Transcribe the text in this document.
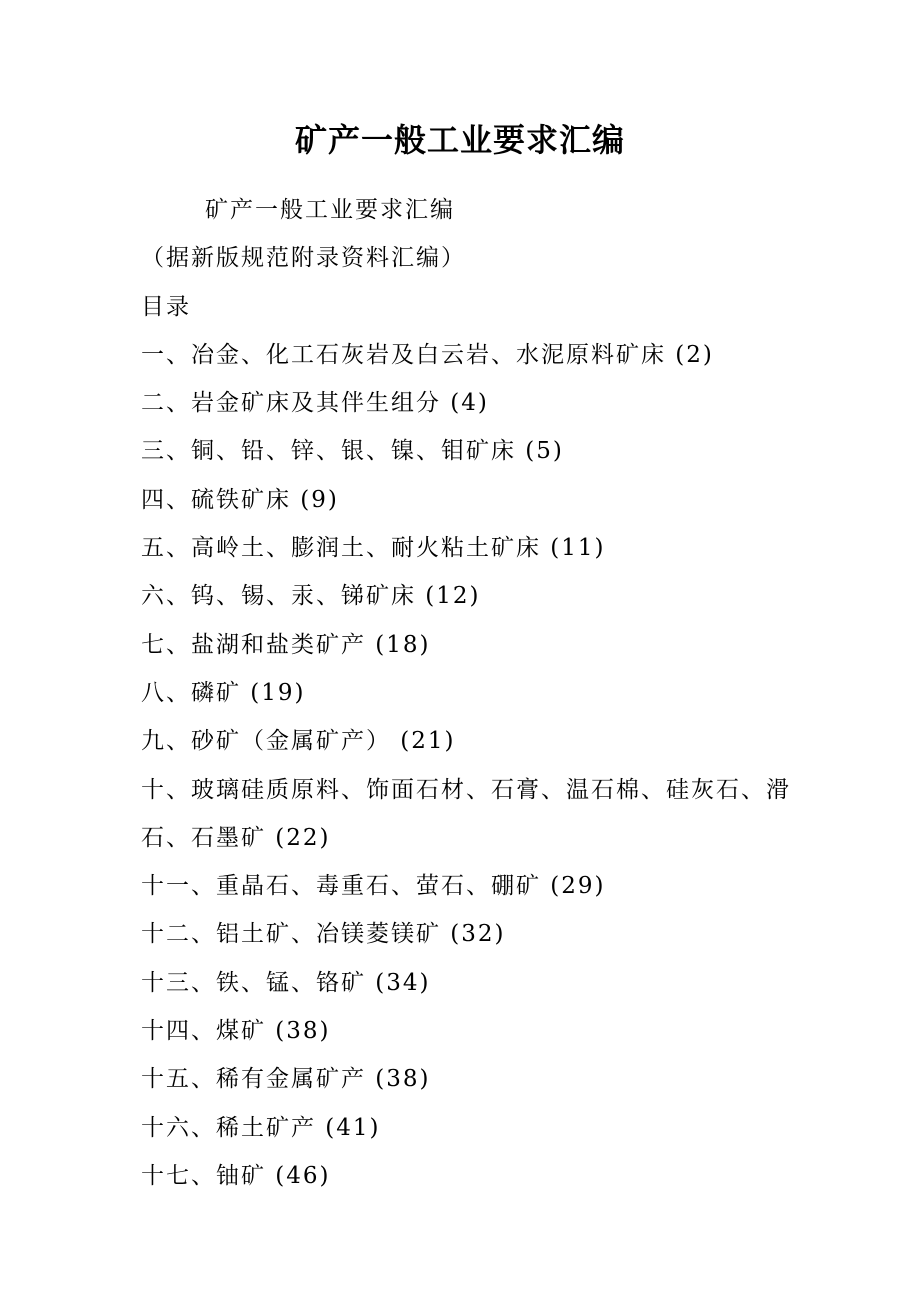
矿产一般工业要求汇编
矿产一般工业要求汇编
（据新版规范附录资料汇编）
目录
一、冶金、化工石灰岩及白云岩、水泥原料矿床 (2)
二、岩金矿床及其伴生组分 (4)
三、铜、铅、锌、银、镍、钼矿床 (5)
四、硫铁矿床 (9)
五、高岭土、膨润土、耐火粘土矿床 (11)
六、钨、锡、汞、锑矿床 (12)
七、盐湖和盐类矿产 (18)
八、磷矿 (19)
九、砂矿（金属矿产） (21)
十、玻璃硅质原料、饰面石材、石膏、温石棉、硅灰石、滑石、石墨矿 (22)
十一、重晶石、毒重石、萤石、硼矿 (29)
十二、铝土矿、冶镁菱镁矿 (32)
十三、铁、锰、铬矿 (34)
十四、煤矿 (38)
十五、稀有金属矿产 (38)
十六、稀土矿产 (41)
十七、铀矿 (46)
